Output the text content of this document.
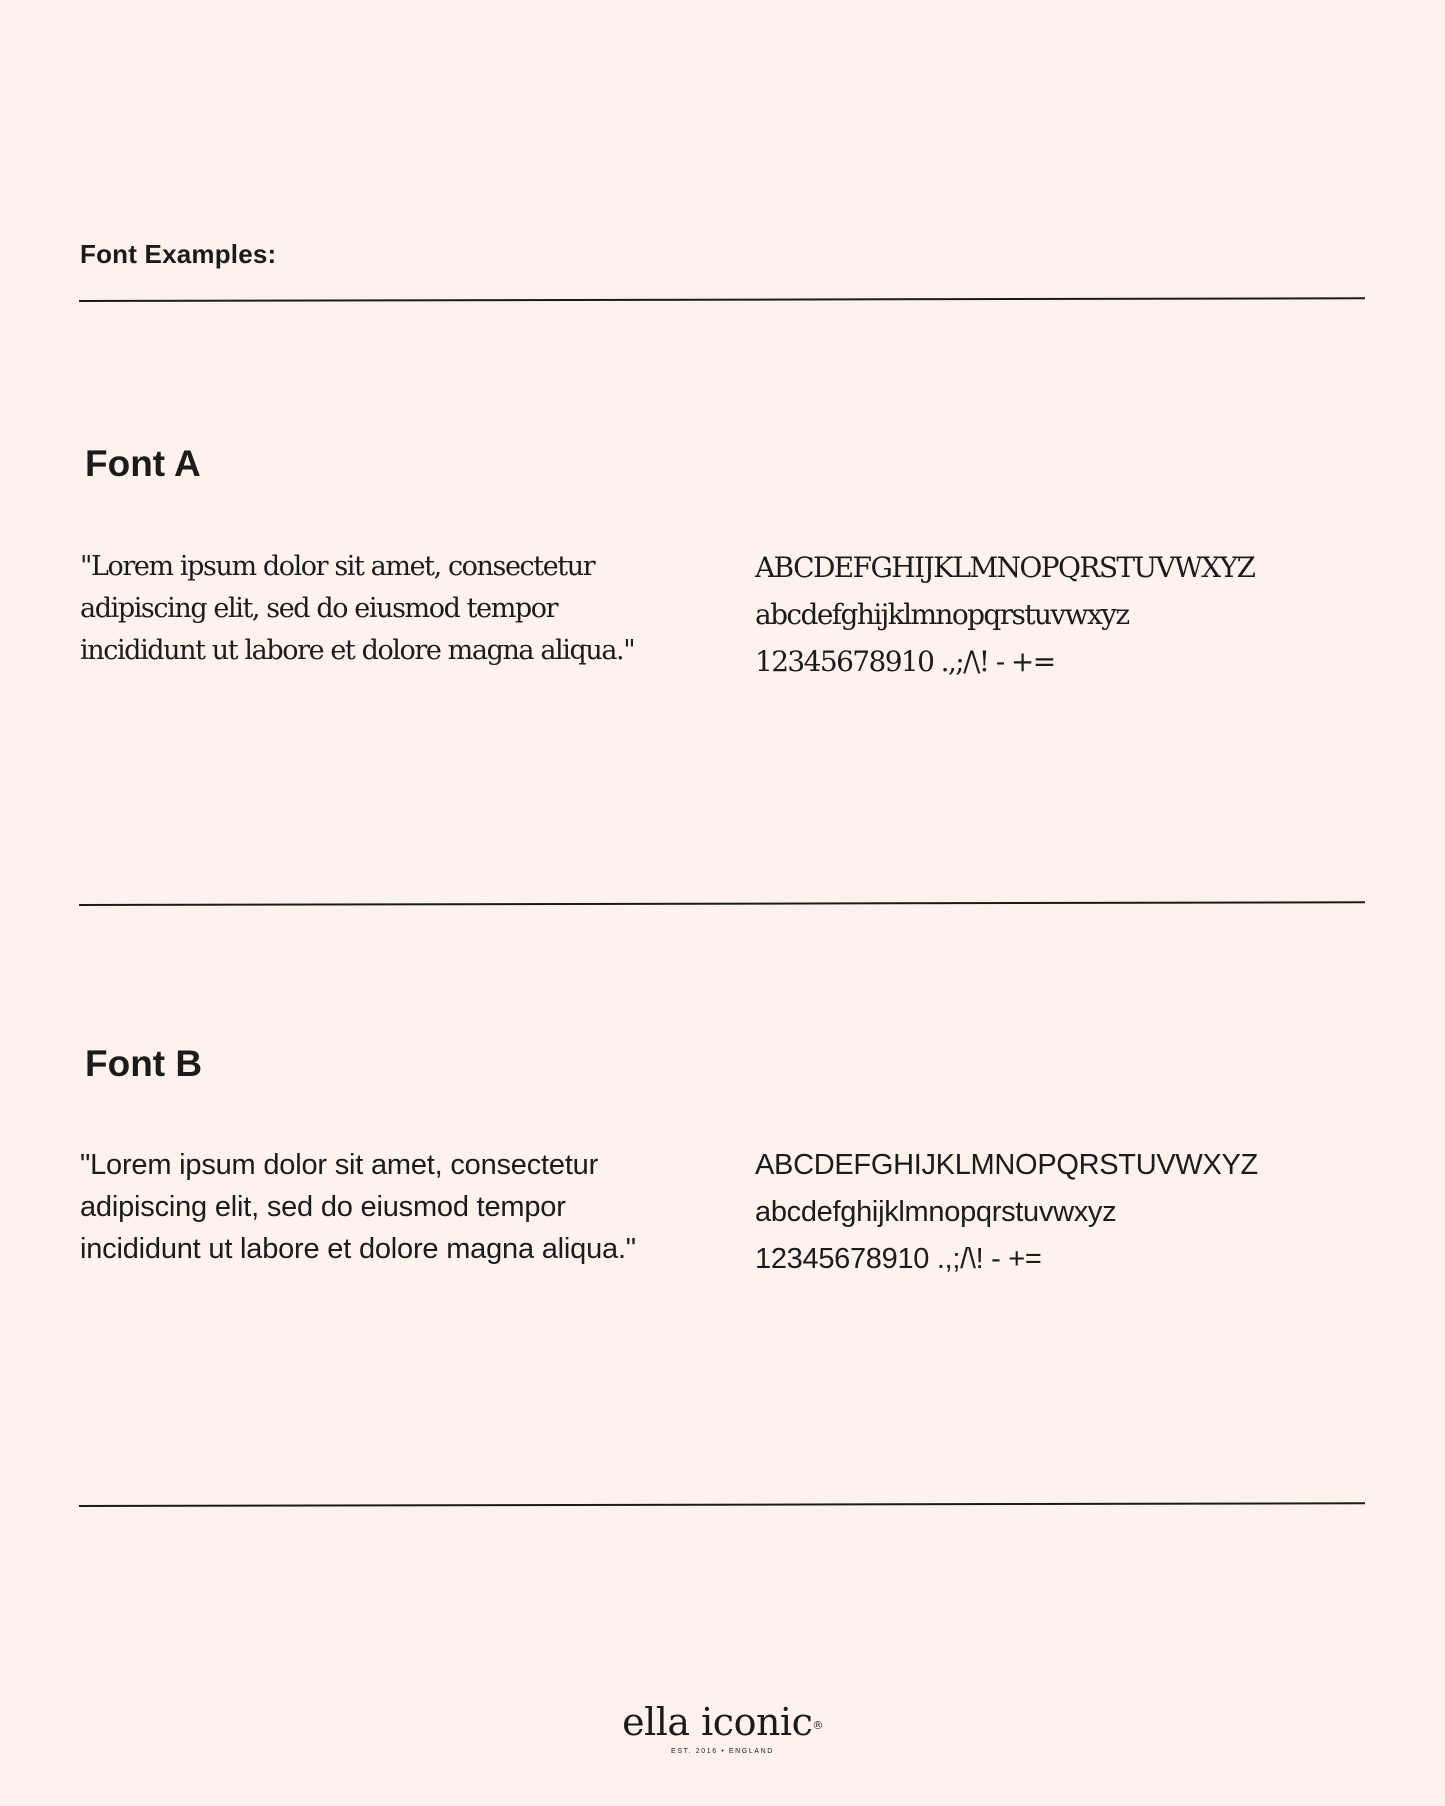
Font Examples:
Font A

"Lorem ipsum dolor sit amet, consectetur adipiscing elit, sed do eiusmod tempor incididunt ut labore et dolore magna aliqua."

ABCDEFGHIJKLMNOPQRSTUVWXYZ
abcdefghijklmnopqrstuvwxyz
12345678910 .,;/\! - +=
Font B

"Lorem ipsum dolor sit amet, consectetur adipiscing elit, sed do eiusmod tempor incididunt ut labore et dolore magna aliqua."

ABCDEFGHIJKLMNOPQRSTUVWXYZ
abcdefghijklmnopqrstuvwxyz
12345678910 .,;/\! - +=
ella iconic®
EST. 2016 • ENGLAND
